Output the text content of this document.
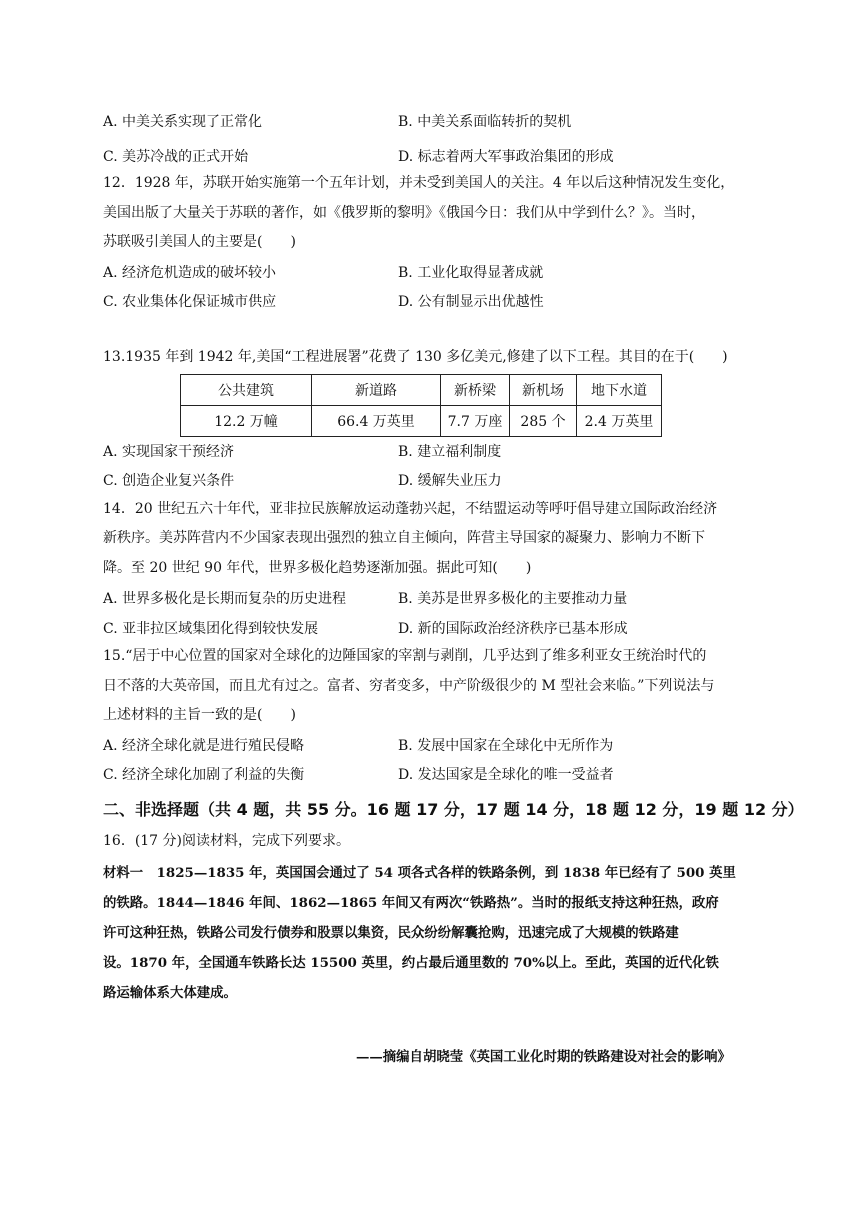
A. 中美关系实现了正常化	B. 中美关系面临转折的契机
C. 美苏冷战的正式开始	D. 标志着两大军事政治集团的形成
12．1928 年，苏联开始实施第一个五年计划，并未受到美国人的关注。4 年以后这种情况发生变化，
美国出版了大量关于苏联的著作，如《俄罗斯的黎明》《俄国今日：我们从中学到什么？》。当时，
苏联吸引美国人的主要是(　　)
A. 经济危机造成的破坏较小	B. 工业化取得显著成就
C. 农业集体化保证城市供应	D. 公有制显示出优越性
13.1935 年到 1942 年,美国“工程进展署”花费了 130 多亿美元,修建了以下工程。其目的在于(　　)
公共建筑	新道路	新桥梁	新机场	地下水道
12.2 万幢	66.4 万英里	7.7 万座	285 个	2.4 万英里
A. 实现国家干预经济	B. 建立福利制度
C. 创造企业复兴条件	D. 缓解失业压力
14．20 世纪五六十年代，亚非拉民族解放运动蓬勃兴起，不结盟运动等呼吁倡导建立国际政治经济
新秩序。美苏阵营内不少国家表现出强烈的独立自主倾向，阵营主导国家的凝聚力、影响力不断下
降。至 20 世纪 90 年代，世界多极化趋势逐渐加强。据此可知(　　)
A. 世界多极化是长期而复杂的历史进程	B. 美苏是世界多极化的主要推动力量
C. 亚非拉区域集团化得到较快发展	D. 新的国际政治经济秩序已基本形成
15.“居于中心位置的国家对全球化的边陲国家的宰割与剥削，几乎达到了维多利亚女王统治时代的
日不落的大英帝国，而且尤有过之。富者、穷者变多，中产阶级很少的 M 型社会来临。”下列说法与
上述材料的主旨一致的是(　　)
A. 经济全球化就是进行殖民侵略	B. 发展中国家在全球化中无所作为
C. 经济全球化加剧了利益的失衡	D. 发达国家是全球化的唯一受益者
二、非选择题（共 4 题，共 55 分。16 题 17 分，17 题 14 分，18 题 12 分，19 题 12 分）
16．(17 分)阅读材料，完成下列要求。
材料一　1825—1835 年，英国国会通过了 54 项各式各样的铁路条例，到 1838 年已经有了 500 英里
的铁路。1844—1846 年间、1862—1865 年间又有两次“铁路热”。当时的报纸支持这种狂热，政府
许可这种狂热，铁路公司发行债券和股票以集资，民众纷纷解囊抢购，迅速完成了大规模的铁路建
设。1870 年，全国通车铁路长达 15500 英里，约占最后通里数的 70%以上。至此，英国的近代化铁
路运输体系大体建成。
——摘编自胡晓莹《英国工业化时期的铁路建设对社会的影响》
